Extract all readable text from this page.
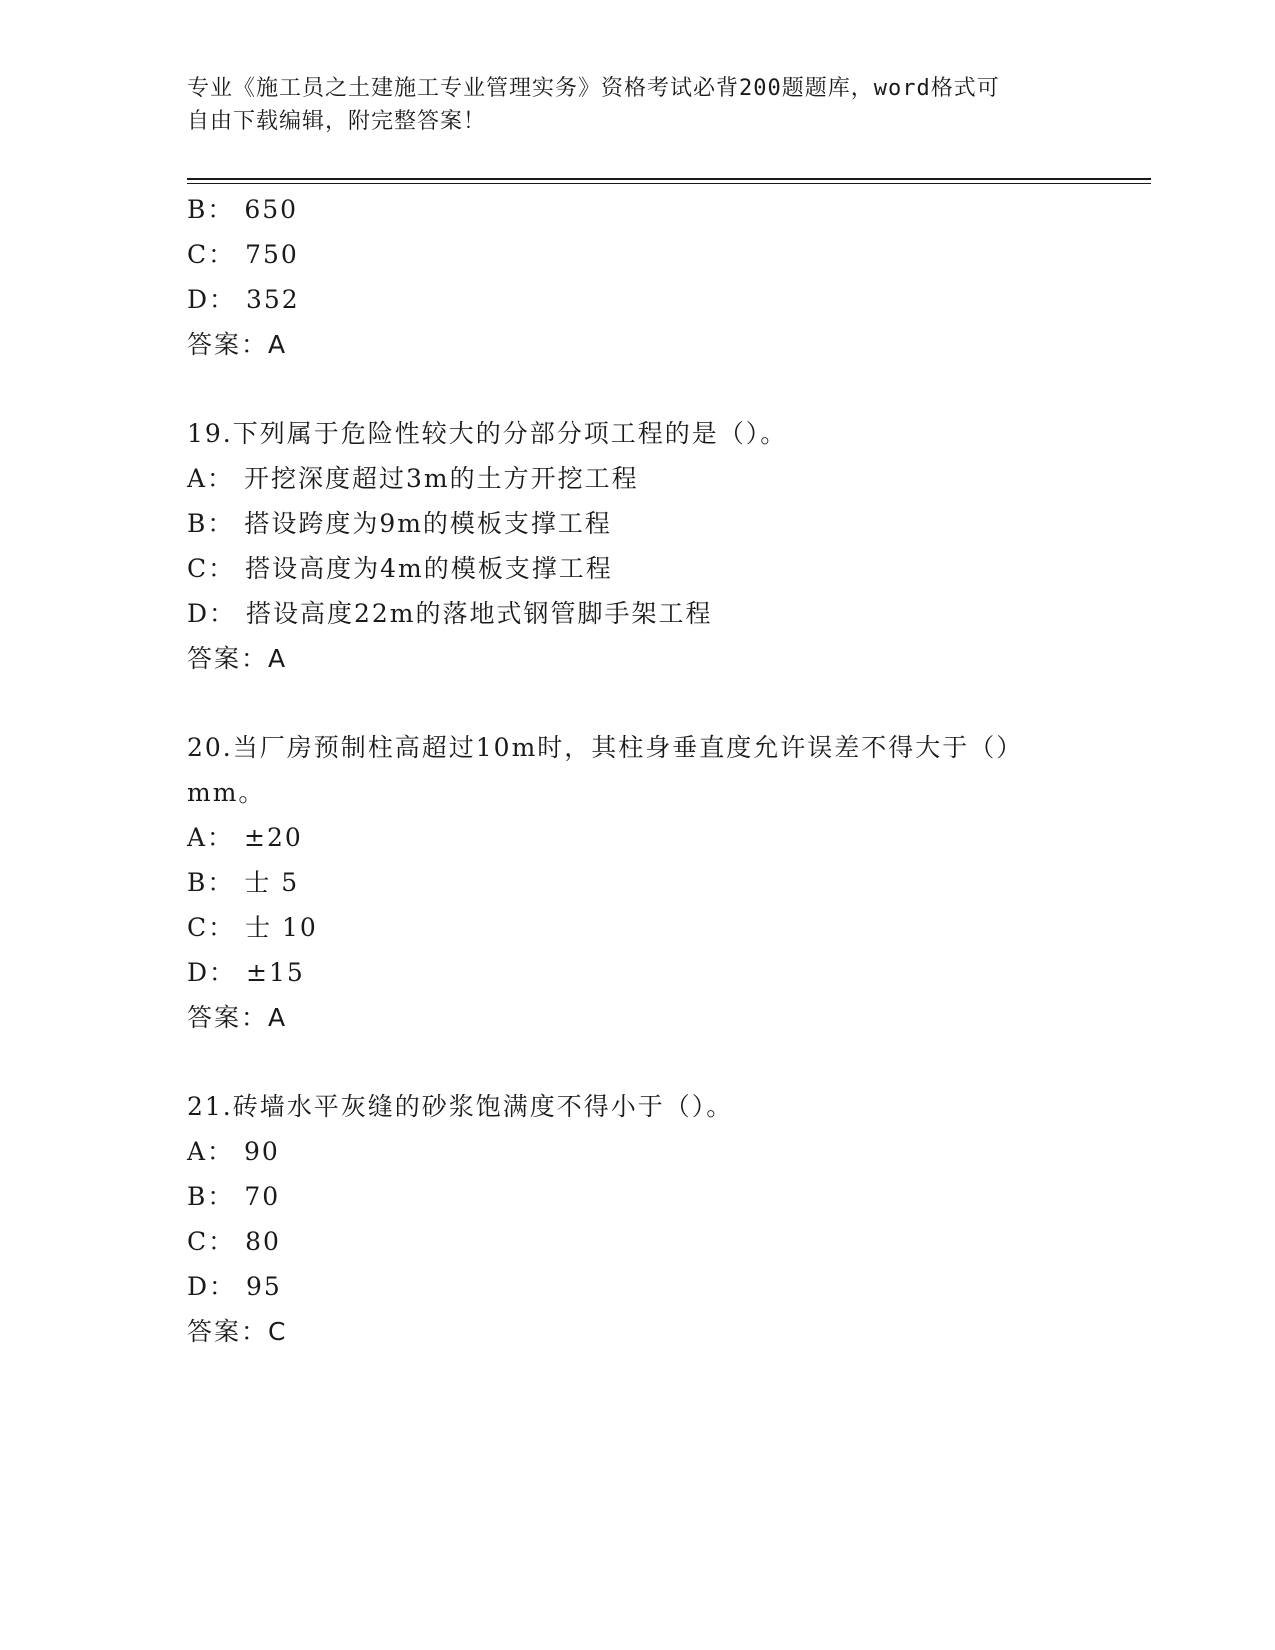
专业《施工员之土建施工专业管理实务》资格考试必背200题题库，word格式可
自由下载编辑，附完整答案！
B： 650
C： 750
D： 352
答案：A
19.下列属于危险性较大的分部分项工程的是（）。
A： 开挖深度超过3m的土方开挖工程
B： 搭设跨度为9m的模板支撑工程
C： 搭设高度为4m的模板支撑工程
D： 搭设高度22m的落地式钢管脚手架工程
答案：A
20.当厂房预制柱高超过10m时，其柱身垂直度允许误差不得大于（）
mm。
A： ±20
B： 士 5
C： 士 10
D： ±15
答案：A
21.砖墙水平灰缝的砂浆饱满度不得小于（）。
A： 90
B： 70
C： 80
D： 95
答案：C
